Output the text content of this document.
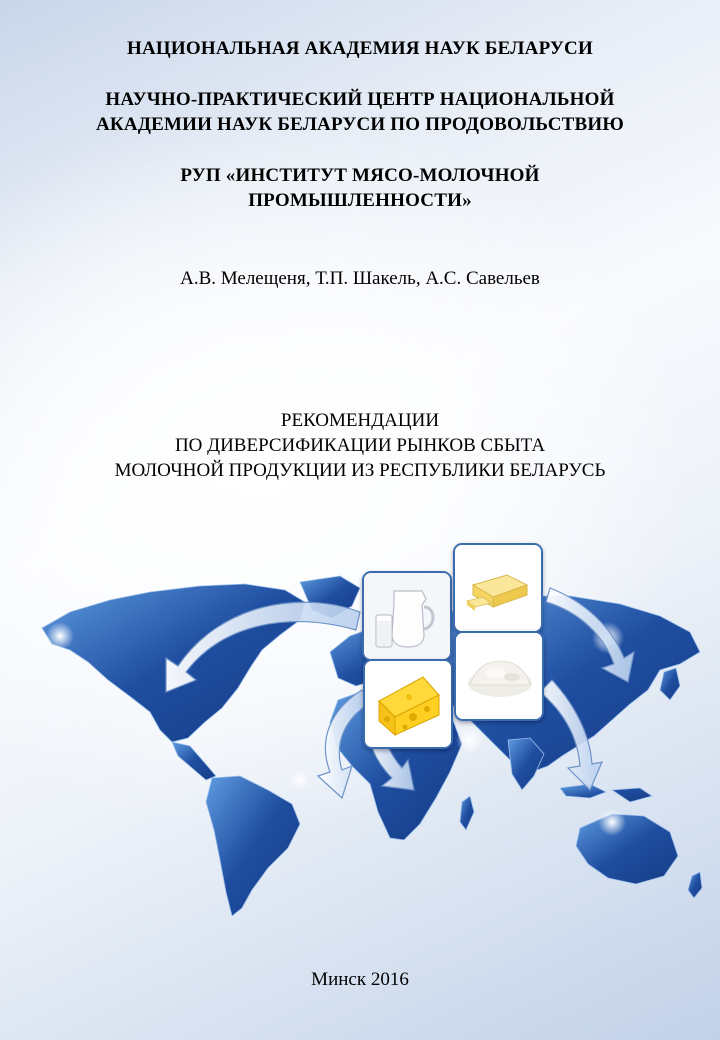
НАЦИОНАЛЬНАЯ АКАДЕМИЯ НАУК БЕЛАРУСИ
НАУЧНО-ПРАКТИЧЕСКИЙ ЦЕНТР НАЦИОНАЛЬНОЙ
АКАДЕМИИ НАУК БЕЛАРУСИ ПО ПРОДОВОЛЬСТВИЮ
РУП «ИНСТИТУТ МЯСО-МОЛОЧНОЙ
ПРОМЫШЛЕННОСТИ»
А.В. Мелещеня, Т.П. Шакель, А.С. Савельев
РЕКОМЕНДАЦИИ
ПО ДИВЕРСИФИКАЦИИ РЫНКОВ СБЫТА
МОЛОЧНОЙ ПРОДУКЦИИ ИЗ РЕСПУБЛИКИ БЕЛАРУСЬ
Минск 2016
